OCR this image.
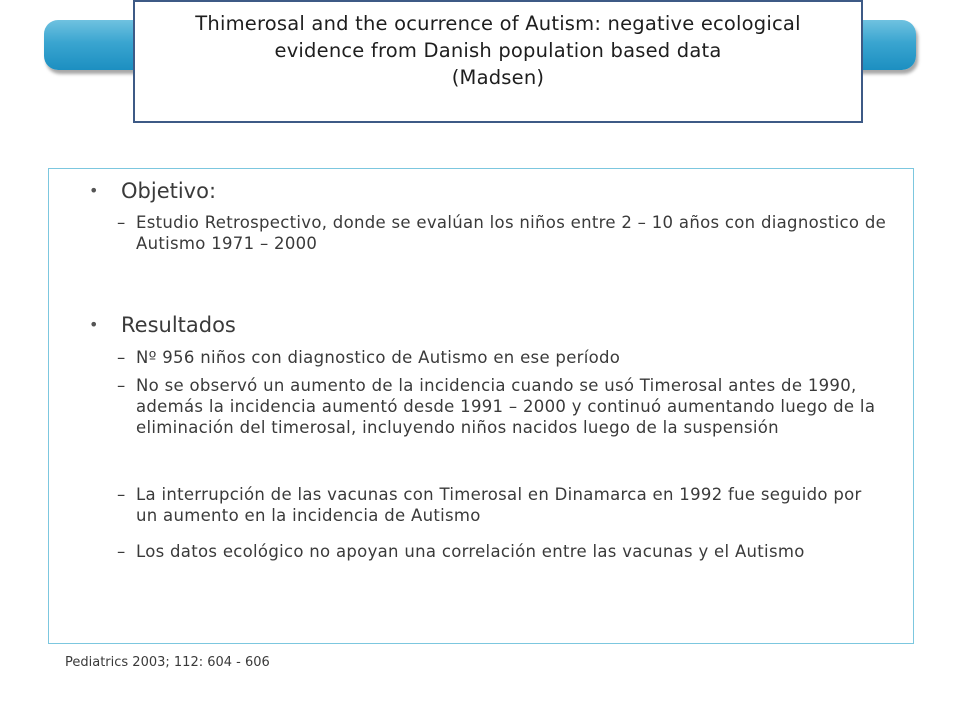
Thimerosal and the ocurrence of Autism: negative ecological
evidence from Danish population based data
(Madsen)
•	Objetivo:
– Estudio Retrospectivo, donde se evalúan los niños entre 2 – 10 años con diagnostico de Autismo 1971 – 2000
•	Resultados
– Nº 956 niños con diagnostico de Autismo en ese período
– No se observó un aumento de la incidencia cuando se usó Timerosal antes de 1990, además la incidencia aumentó desde 1991 – 2000 y continuó aumentando luego de la eliminación del timerosal, incluyendo niños nacidos luego de la suspensión
– La interrupción de las vacunas con Timerosal en Dinamarca en 1992 fue seguido por un aumento en la incidencia de Autismo
– Los datos ecológico no apoyan una correlación entre las vacunas y el Autismo
Pediatrics 2003; 112: 604 - 606
